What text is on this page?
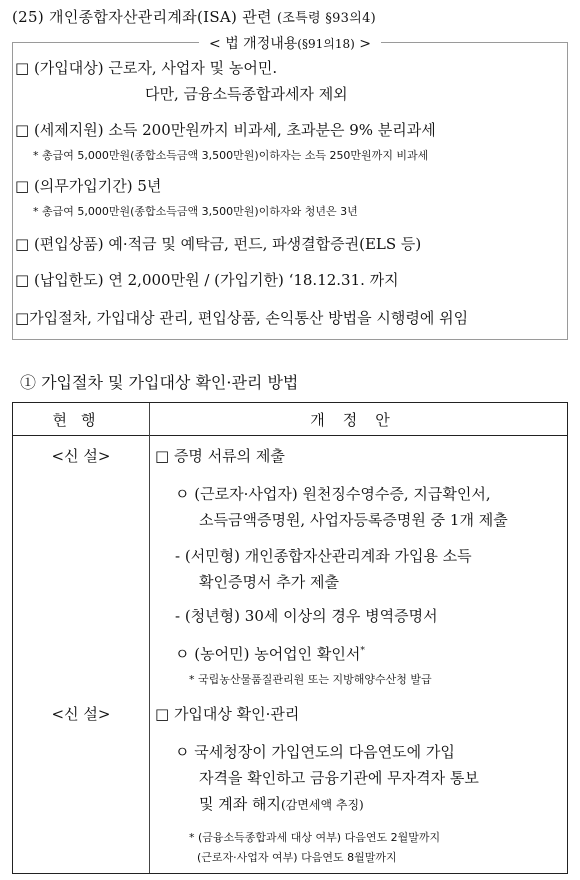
(25) 개인종합자산관리계좌(ISA) 관련 (조특령 §93의4)
< 법 개정내용(§91의18) >
□ (가입대상) 근로자, 사업자 및 농어민.
다만, 금융소득종합과세자 제외
□ (세제지원) 소득 200만원까지 비과세, 초과분은 9% 분리과세
* 총급여 5,000만원(종합소득금액 3,500만원)이하자는 소득 250만원까지 비과세
□ (의무가입기간) 5년
* 총급여 5,000만원(종합소득금액 3,500만원)이하자와 청년은 3년
□ (편입상품) 예·적금 및 예탁금, 펀드, 파생결합증권(ELS 등)
□ (납입한도) 연 2,000만원 / (가입기한) ‘18.12.31. 까지
□가입절차, 가입대상 관리, 편입상품, 손익통산 방법을 시행령에 위임
① 가입절차 및 가입대상 확인·관리 방법
현행	개정안
<신 설>	□ 증명 서류의 제출
ㅇ (근로자·사업자) 원천징수영수증, 지급확인서,
소득금액증명원, 사업자등록증명원 중 1개 제출
- (서민형) 개인종합자산관리계좌 가입용 소득
확인증명서 추가 제출
- (청년형) 30세 이상의 경우 병역증명서
ㅇ (농어민) 농어업인 확인서*
* 국립농산물품질관리원 또는 지방해양수산청 발급
<신 설>	□ 가입대상 확인·관리
ㅇ 국세청장이 가입연도의 다음연도에 가입
자격을 확인하고 금융기관에 무자격자 통보
및 계좌 해지(감면세액 추징)
* (금융소득종합과세 대상 여부) 다음연도 2월말까지
(근로자·사업자 여부) 다음연도 8월말까지
